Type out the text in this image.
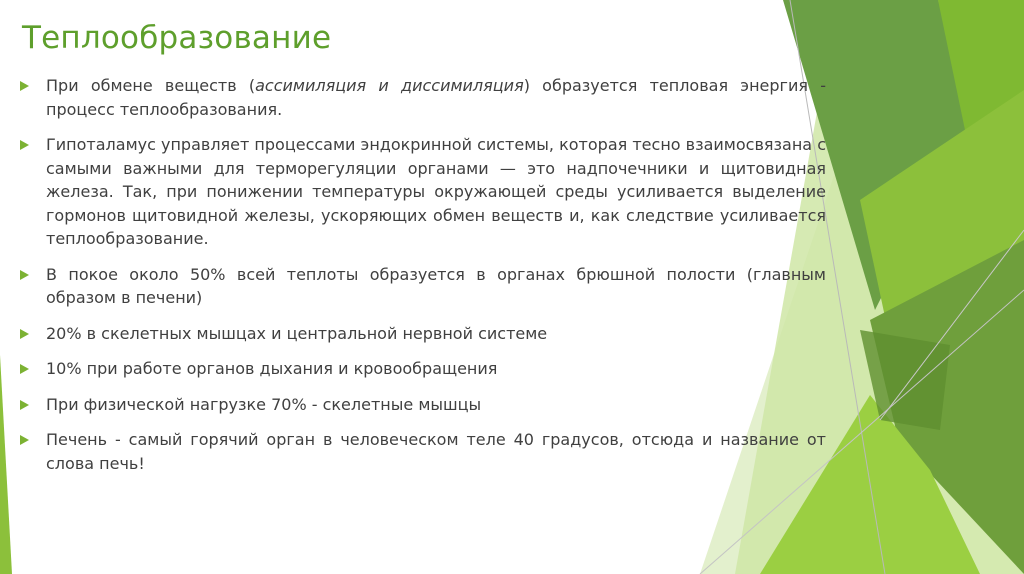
Теплообразование
При обмене веществ (ассимиляция и диссимиляция) образуется тепловая энергия - процесс теплообразования.
Гипоталамус управляет процессами эндокринной системы, которая тесно взаимосвязана с самыми важными для терморегуляции органами — это надпочечники и щитовидная железа. Так, при понижении температуры окружающей среды усиливается выделение гормонов щитовидной железы, ускоряющих обмен веществ и, как следствие усиливается теплообразование.
В покое около 50% всей теплоты образуется в органах брюшной полости (главным образом в печени)
20% в скелетных мышцах и центральной нервной системе
10% при работе органов дыхания и кровообращения
При физической нагрузке 70% - скелетные мышцы
Печень - самый горячий орган в человеческом теле 40 градусов, отсюда и название от слова печь!
